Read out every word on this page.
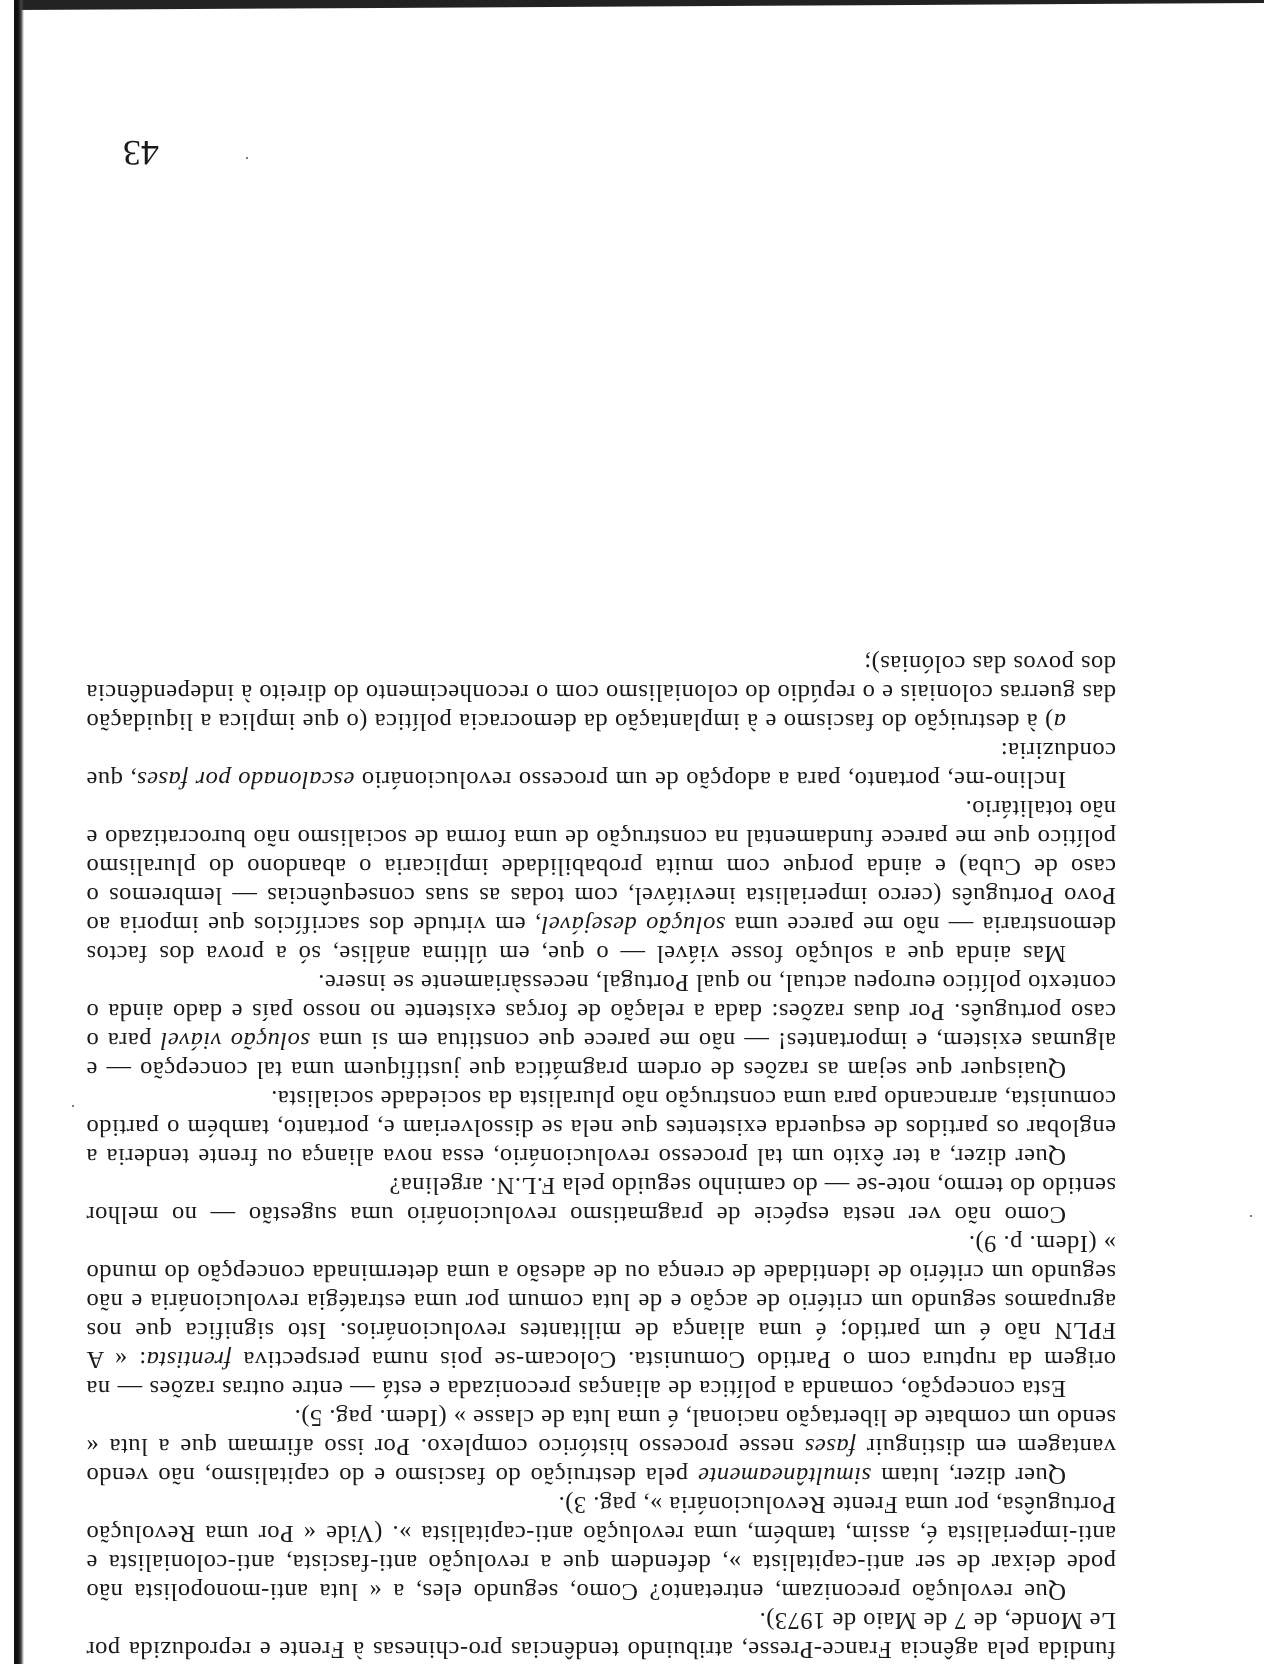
fundida pela agência France-Presse, atribuindo tendências pro-chinesas à Frente e reproduzida por Le Monde, de 7 de Maio de 1973).

Que revolução preconizam, entretanto? Como, segundo eles, a « luta anti-monopolista não pode deixar de ser anti-capitalista », defendem que a revolução anti-fascista, anti-colonialista e anti-imperialista é, assim, também, uma revolução anti-capitalista ». (Vide « Por uma Revolução Portuguêsa, por uma Frente Revolucionária », pag. 3).

Quer dizer, lutam simultâneamente pela destruição do fascismo e do capitalismo, não vendo vantagem em distinguir fases nesse processo histórico complexo. Por isso afirmam que a luta « sendo um combate de libertação nacional, é uma luta de classe » (Idem. pag. 5).

Esta concepção, comanda a política de alianças preconizada e está — entre outras razões — na origem da ruptura com o Partido Comunista. Colocam-se pois numa perspectiva frentista: « A FPLN não é um partido; é uma aliança de militantes revolucionários. Isto significa que nos agrupamos segundo um critério de acção e de luta comum por uma estratégia revolucionária e não segundo um critério de identidade de crença ou de adesão a uma determinada concepção do mundo » (Idem. p. 9).

Como não ver nesta espécie de pragmatismo revolucionário uma sugestão — no melhor sentido do termo, note-se — do caminho seguido pela F.L.N. argelina?

Quer dizer, a ter êxito um tal processo revolucionário, essa nova aliança ou frente tenderia a englobar os partidos de esquerda existentes que nela se dissolveriam e, portanto, também o partido comunista, arrancando para uma construção não pluralista da sociedade socialista.

Quaisquer que sejam as razões de ordem pragmática que justifiquem uma tal concepção — e algumas existem, e importantes! — não me parece que constitua em si uma solução viável para o caso português. Por duas razões: dada a relação de forças existente no nosso país e dado ainda o contexto político europeu actual, no qual Portugal, necessàriamente se insere.

Mas ainda que a solução fosse viável — o que, em última análise, só a prova dos factos demonstraria — não me parece uma solução desejável, em virtude dos sacrifícios que imporia ao Povo Português (cerco imperialista inevitável, com todas as suas consequências — lembremos o caso de Cuba) e ainda porque com muita probabilidade implicaria o abandono do pluralismo político que me parece fundamental na construção de uma forma de socialismo não burocratizado e não totalitário.

Inclino-me, portanto, para a adopção de um processo revolucionário escalonado por fases, que conduziria:

a) à destruição do fascismo e à implantação da democracia política (o que implica a liquidação das guerras coloniais e o repúdio do colonialismo com o reconhecimento do direito à independência dos povos das colónias);

43
